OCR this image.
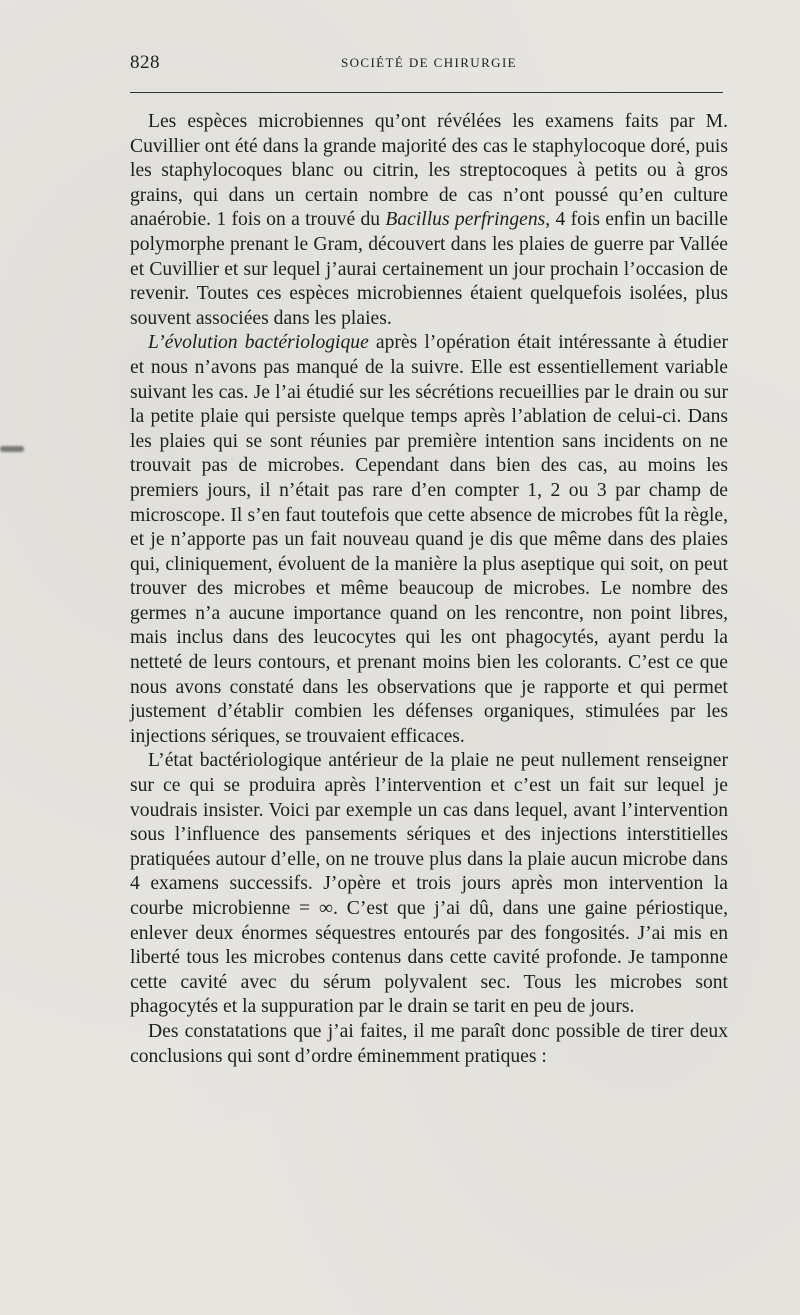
828	SOCIÉTÉ DE CHIRURGIE

Les espèces microbiennes qu’ont révélées les examens faits par M. Cuvillier ont été dans la grande majorité des cas le staphylocoque doré, puis les staphylocoques blanc ou citrin, les streptocoques à petits ou à gros grains, qui dans un certain nombre de cas n’ont poussé qu’en culture anaérobie. 1 fois on a trouvé du Bacillus perfringens, 4 fois enfin un bacille polymorphe prenant le Gram, découvert dans les plaies de guerre par Vallée et Cuvillier et sur lequel j’aurai certainement un jour prochain l’occasion de revenir. Toutes ces espèces microbiennes étaient quelquefois isolées, plus souvent associées dans les plaies.

L’évolution bactériologique après l’opération était intéressante à étudier et nous n’avons pas manqué de la suivre. Elle est essentiellement variable suivant les cas. Je l’ai étudié sur les sécrétions recueillies par le drain ou sur la petite plaie qui persiste quelque temps après l’ablation de celui-ci. Dans les plaies qui se sont réunies par première intention sans incidents on ne trouvait pas de microbes. Cependant dans bien des cas, au moins les premiers jours, il n’était pas rare d’en compter 1, 2 ou 3 par champ de microscope. Il s’en faut toutefois que cette absence de microbes fût la règle, et je n’apporte pas un fait nouveau quand je dis que même dans des plaies qui, cliniquement, évoluent de la manière la plus aseptique qui soit, on peut trouver des microbes et même beaucoup de microbes. Le nombre des germes n’a aucune importance quand on les rencontre, non point libres, mais inclus dans des leucocytes qui les ont phagocytés, ayant perdu la netteté de leurs contours, et prenant moins bien les colorants. C’est ce que nous avons constaté dans les observations que je rapporte et qui permet justement d’établir combien les défenses organiques, stimulées par les injections sériques, se trouvaient efficaces.

L’état bactériologique antérieur de la plaie ne peut nullement renseigner sur ce qui se produira après l’intervention et c’est un fait sur lequel je voudrais insister. Voici par exemple un cas dans lequel, avant l’intervention sous l’influence des pansements sériques et des injections interstitielles pratiquées autour d’elle, on ne trouve plus dans la plaie aucun microbe dans 4 examens successifs. J’opère et trois jours après mon intervention la courbe microbienne = ∞. C’est que j’ai dû, dans une gaine périostique, enlever deux énormes séquestres entourés par des fongosités. J’ai mis en liberté tous les microbes contenus dans cette cavité profonde. Je tamponne cette cavité avec du sérum polyvalent sec. Tous les microbes sont phagocytés et la suppuration par le drain se tarit en peu de jours.

Des constatations que j’ai faites, il me paraît donc possible de tirer deux conclusions qui sont d’ordre éminemment pratiques :
